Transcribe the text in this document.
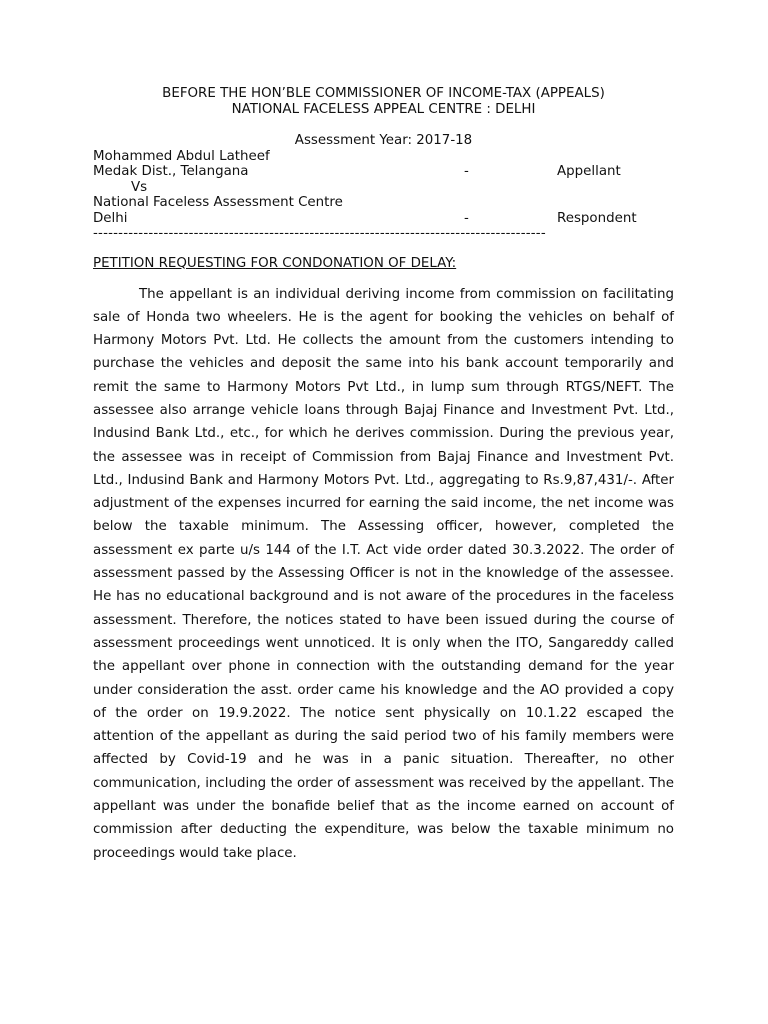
BEFORE THE HON’BLE COMMISSIONER OF INCOME-TAX (APPEALS)
NATIONAL FACELESS APPEAL CENTRE : DELHI
Assessment Year: 2017-18
Mohammed Abdul Latheef
Medak Dist., Telangana	-	Appellant
Vs
National Faceless Assessment Centre
Delhi	-	Respondent
------------------------------------------------------------------------------------------
PETITION REQUESTING FOR CONDONATION OF DELAY:

The appellant is an individual deriving income from commission on facilitating sale of Honda two wheelers. He is the agent for booking the vehicles on behalf of Harmony Motors Pvt. Ltd. He collects the amount from the customers intending to purchase the vehicles and deposit the same into his bank account temporarily and remit the same to Harmony Motors Pvt Ltd., in lump sum through RTGS/NEFT. The assessee also arrange vehicle loans through Bajaj Finance and Investment Pvt. Ltd., Indusind Bank Ltd., etc., for which he derives commission. During the previous year, the assessee was in receipt of Commission from Bajaj Finance and Investment Pvt. Ltd., Indusind Bank and Harmony Motors Pvt. Ltd., aggregating to Rs.9,87,431/-. After adjustment of the expenses incurred for earning the said income, the net income was below the taxable minimum. The Assessing officer, however, completed the assessment ex parte u/s 144 of the I.T. Act vide order dated 30.3.2022. The order of assessment passed by the Assessing Officer is not in the knowledge of the assessee. He has no educational background and is not aware of the procedures in the faceless assessment. Therefore, the notices stated to have been issued during the course of assessment proceedings went unnoticed. It is only when the ITO, Sangareddy called the appellant over phone in connection with the outstanding demand for the year under consideration the asst. order came his knowledge and the AO provided a copy of the order on 19.9.2022. The notice sent physically on 10.1.22 escaped the attention of the appellant as during the said period two of his family members were affected by Covid-19 and he was in a panic situation. Thereafter, no other communication, including the order of assessment was received by the appellant. The appellant was under the bonafide belief that as the income earned on account of commission after deducting the expenditure, was below the taxable minimum no proceedings would take place.
